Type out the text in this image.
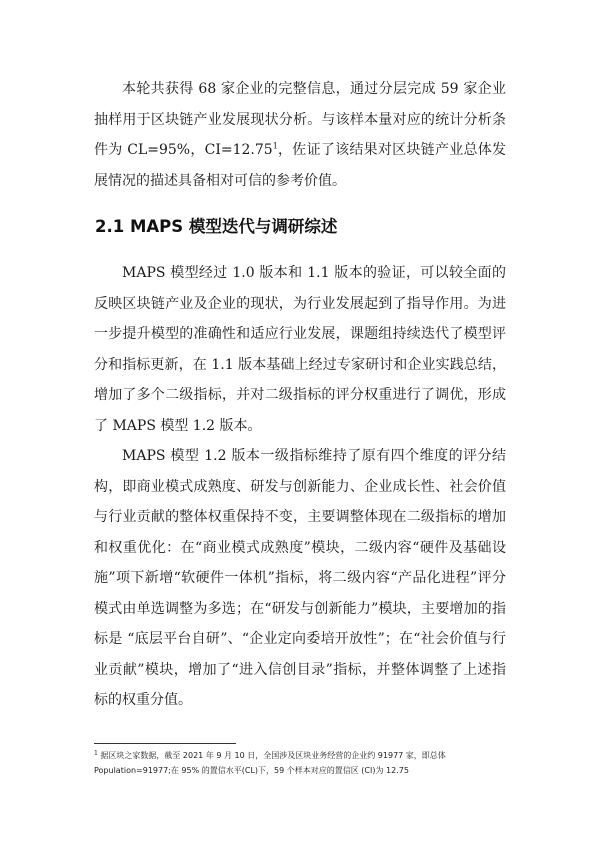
本轮共获得 68 家企业的完整信息，通过分层完成 59 家企业抽样用于区块链产业发展现状分析。与该样本量对应的统计分析条件为 CL=95%，$CI=12.75^1$，佐证了该结果对区块链产业总体发展情况的描述具备相对可信的参考价值。

2.1 MAPS 模型迭代与调研综述

MAPS 模型经过 1.0 版本和 1.1 版本的验证，可以较全面的反映区块链产业及企业的现状，为行业发展起到了指导作用。为进一步提升模型的准确性和适应行业发展，课题组持续迭代了模型评分和指标更新，在 1.1 版本基础上经过专家研讨和企业实践总结，增加了多个二级指标，并对二级指标的评分权重进行了调优，形成了 MAPS 模型 1.2 版本。

MAPS 模型 1.2 版本一级指标维持了原有四个维度的评分结构，即商业模式成熟度、研发与创新能力、企业成长性、社会价值与行业贡献的整体权重保持不变，主要调整体现在二级指标的增加和权重优化：在“商业模式成熟度”模块，二级内容“硬件及基础设施”项下新增“软硬件一体机”指标，将二级内容“产品化进程”评分模式由单选调整为多选；在“研发与创新能力”模块，主要增加的指标是 “底层平台自研”、“企业定向委培开放性”；在“社会价值与行业贡献”模块，增加了“进入信创目录”指标，并整体调整了上述指标的权重分值。

$^1$ 据区块之家数据，截至 2021 年 9 月 10 日，全国涉及区块业务经营的企业约 91977 家，即总体 Population=91977;在 95% 的置信水平(CL)下，59 个样本对应的置信区 (CI)为 12.75
